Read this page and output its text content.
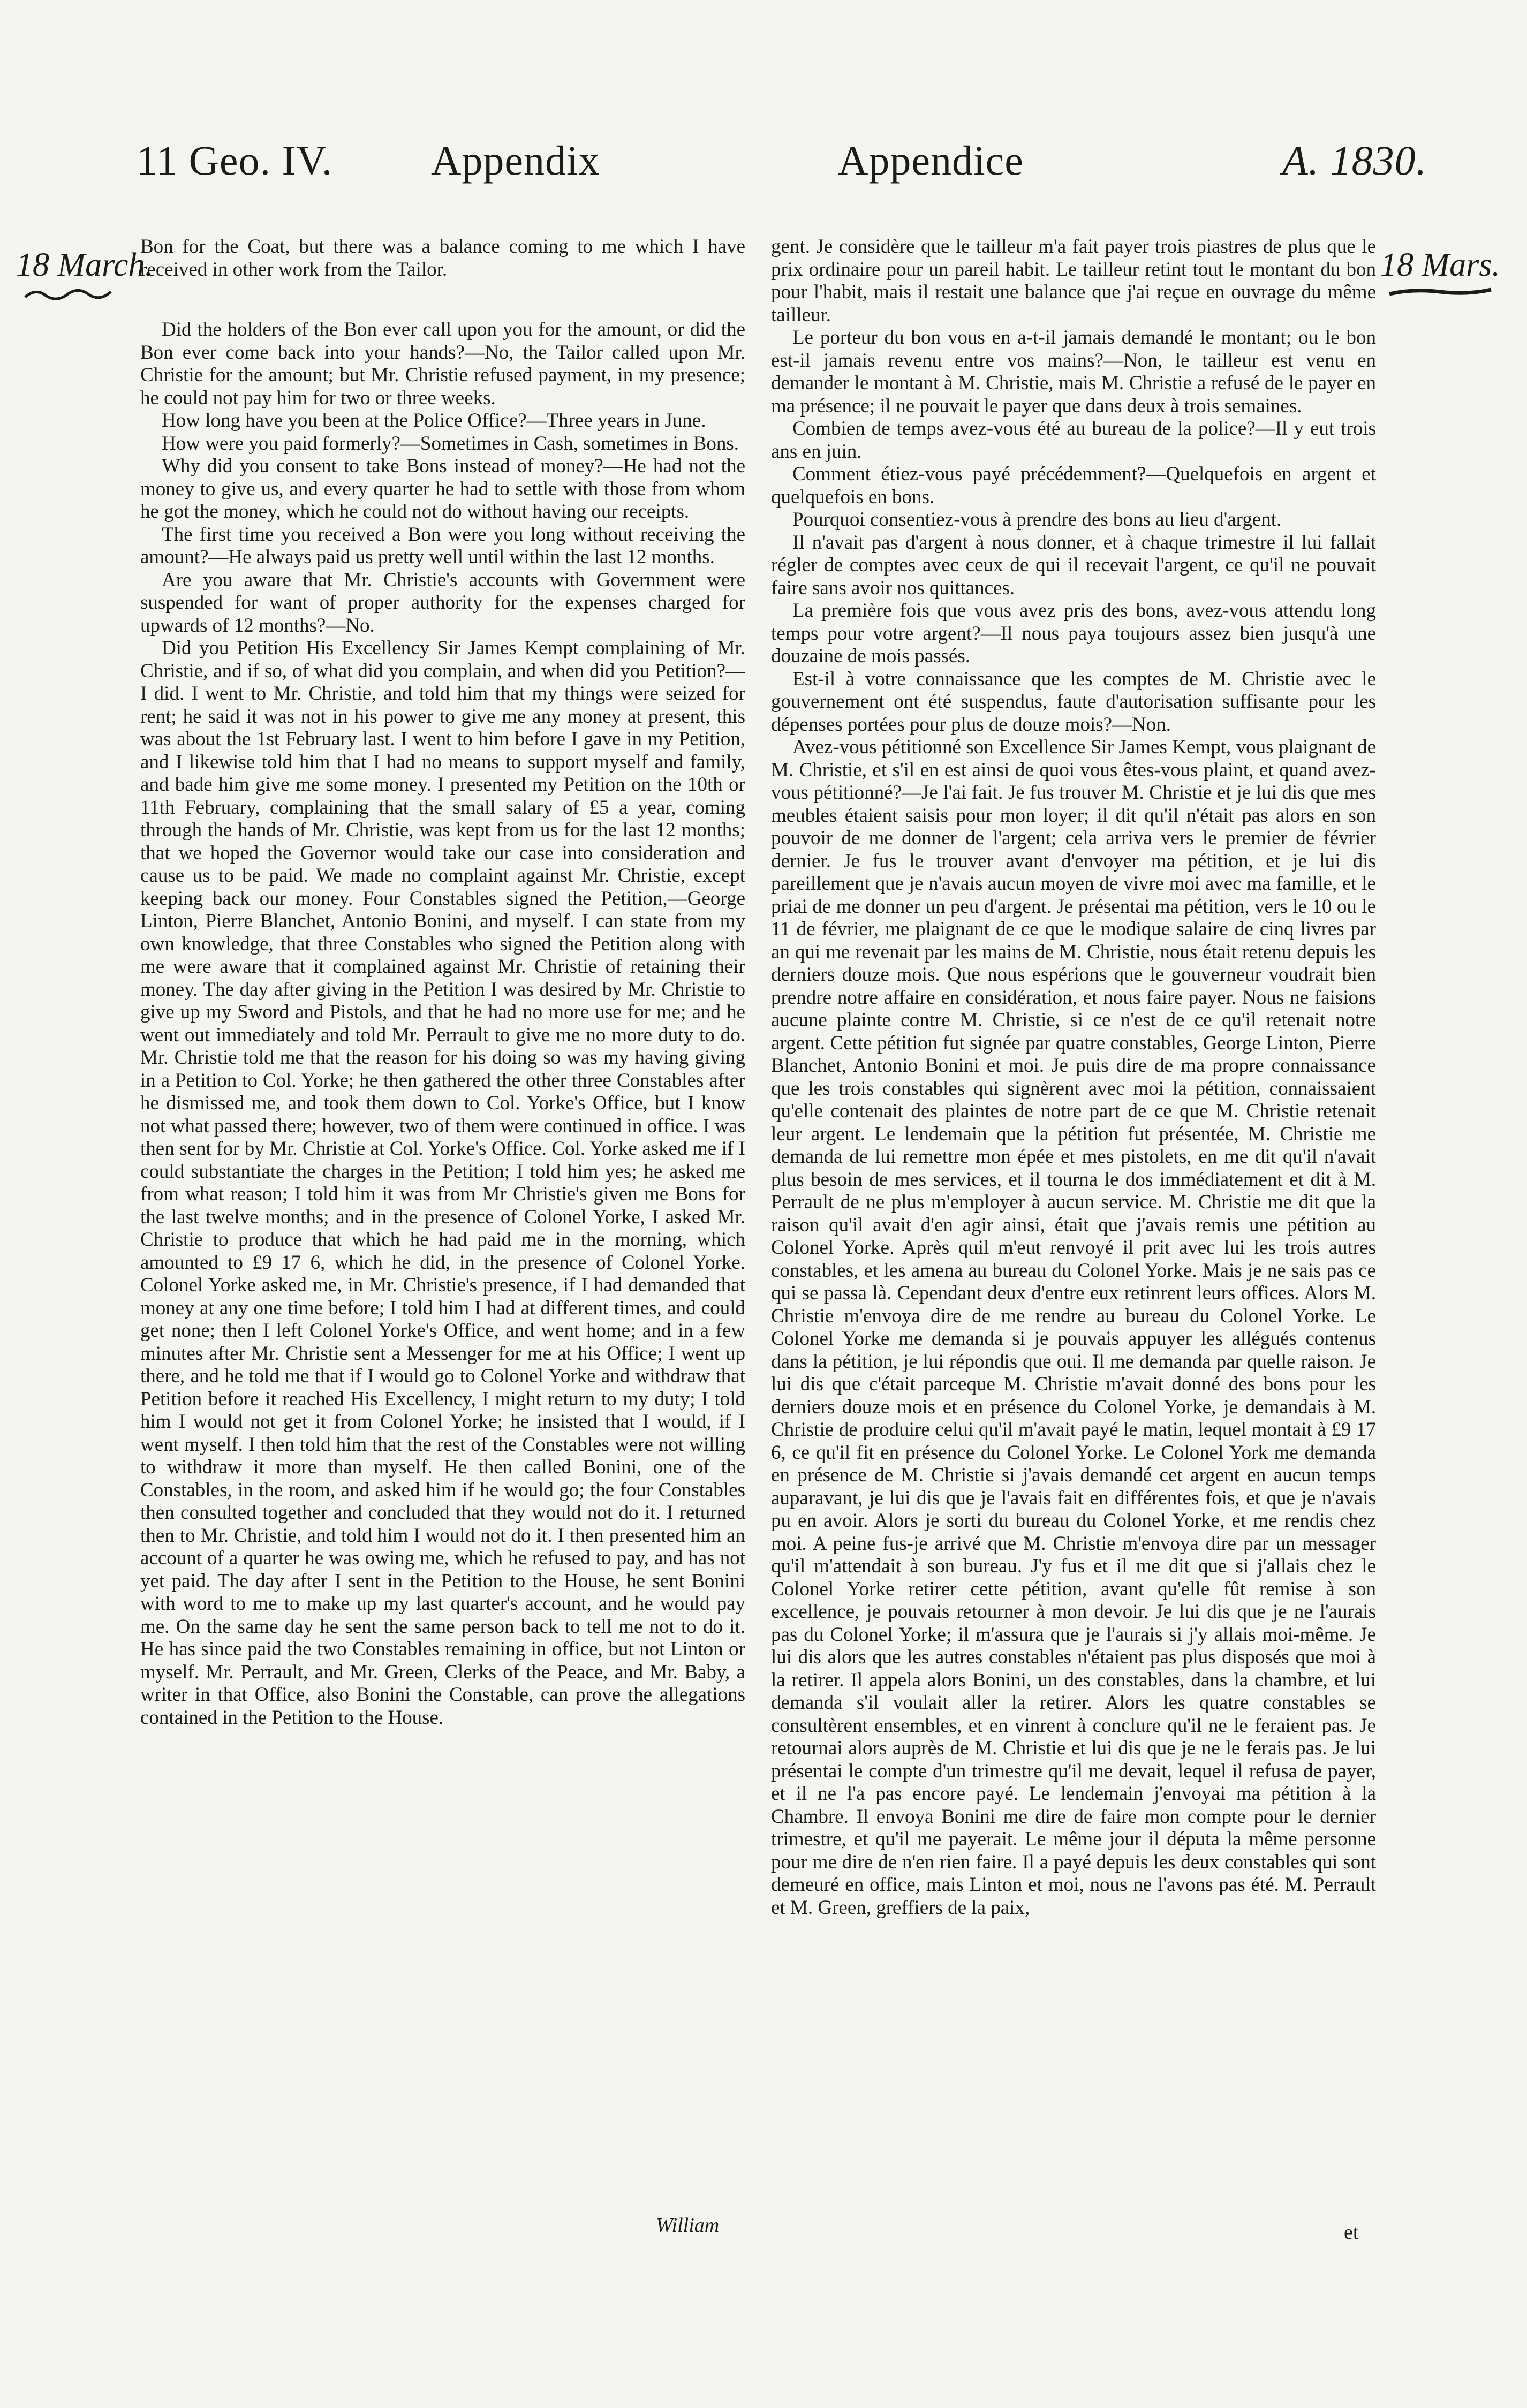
11 Geo. IV. Appendix	Appendice	A. 1830.
18 March.	18 Mars.

Bon for the Coat, but there was a balance coming to me which I have received in other work from the Tailor.

Did the holders of the Bon ever call upon you for the amount, or did the Bon ever come back into your hands?—No, the Tailor called upon Mr. Christie for the amount; but Mr. Christie refused payment, in my presence; he could not pay him for two or three weeks.

How long have you been at the Police Office?—Three years in June.

How were you paid formerly?—Sometimes in Cash, sometimes in Bons.

Why did you consent to take Bons instead of money?—He had not the money to give us, and every quarter he had to settle with those from whom he got the money, which he could not do without having our receipts.

The first time you received a Bon were you long without receiving the amount?—He always paid us pretty well until within the last 12 months.

Are you aware that Mr. Christie's accounts with Government were suspended for want of proper authority for the expenses charged for upwards of 12 months?—No.

Did you Petition His Excellency Sir James Kempt complaining of Mr. Christie, and if so, of what did you complain, and when did you Petition?—I did. I went to Mr. Christie, and told him that my things were seized for rent; he said it was not in his power to give me any money at present, this was about the 1st February last. I went to him before I gave in my Petition, and I likewise told him that I had no means to support myself and family, and bade him give me some money. I presented my Petition on the 10th or 11th February, complaining that the small salary of £5 a year, coming through the hands of Mr. Christie, was kept from us for the last 12 months; that we hoped the Governor would take our case into consideration and cause us to be paid. We made no complaint against Mr. Christie, except keeping back our money. Four Constables signed the Petition,—George Linton, Pierre Blanchet, Antonio Bonini, and myself. I can state from my own knowledge, that three Constables who signed the Petition along with me were aware that it complained against Mr. Christie of retaining their money. The day after giving in the Petition I was desired by Mr. Christie to give up my Sword and Pistols, and that he had no more use for me; and he went out immediately and told Mr. Perrault to give me no more duty to do. Mr. Christie told me that the reason for his doing so was my having giving in a Petition to Col. Yorke; he then gathered the other three Constables after he dismissed me, and took them down to Col. Yorke's Office, but I know not what passed there; however, two of them were continued in office. I was then sent for by Mr. Christie at Col. Yorke's Office. Col. Yorke asked me if I could substantiate the charges in the Petition; I told him yes; he asked me from what reason; I told him it was from Mr Christie's given me Bons for the last twelve months; and in the presence of Colonel Yorke, I asked Mr. Christie to produce that which he had paid me in the morning, which amounted to £9 17 6, which he did, in the presence of Colonel Yorke. Colonel Yorke asked me, in Mr. Christie's presence, if I had demanded that money at any one time before; I told him I had at different times, and could get none; then I left Colonel Yorke's Office, and went home; and in a few minutes after Mr. Christie sent a Messenger for me at his Office; I went up there, and he told me that if I would go to Colonel Yorke and withdraw that Petition before it reached His Excellency, I might return to my duty; I told him I would not get it from Colonel Yorke; he insisted that I would, if I went myself. I then told him that the rest of the Constables were not willing to withdraw it more than myself. He then called Bonini, one of the Constables, in the room, and asked him if he would go; the four Constables then consulted together and concluded that they would not do it. I returned then to Mr. Christie, and told him I would not do it. I then presented him an account of a quarter he was owing me, which he refused to pay, and has not yet paid. The day after I sent in the Petition to the House, he sent Bonini with word to me to make up my last quarter's account, and he would pay me. On the same day he sent the same person back to tell me not to do it. He has since paid the two Constables remaining in office, but not Linton or myself. Mr. Perrault, and Mr. Green, Clerks of the Peace, and Mr. Baby, a writer in that Office, also Bonini the Constable, can prove the allegations contained in the Petition to the House.

William

gent. Je considère que le tailleur m'a fait payer trois piastres de plus que le prix ordinaire pour un pareil habit. Le tailleur retint tout le montant du bon pour l'habit, mais il restait une balance que j'ai reçue en ouvrage du même tailleur.

Le porteur du bon vous en a-t-il jamais demandé le montant; ou le bon est-il jamais revenu entre vos mains?—Non, le tailleur est venu en demander le montant à M. Christie, mais M. Christie a refusé de le payer en ma présence; il ne pouvait le payer que dans deux à trois semaines.

Combien de temps avez-vous été au bureau de la police?—Il y eut trois ans en juin.

Comment étiez-vous payé précédemment?—Quelquefois en argent et quelquefois en bons.

Pourquoi consentiez-vous à prendre des bons au lieu d'argent.

Il n'avait pas d'argent à nous donner, et à chaque trimestre il lui fallait régler de comptes avec ceux de qui il recevait l'argent, ce qu'il ne pouvait faire sans avoir nos quittances.

La première fois que vous avez pris des bons, avez-vous attendu long temps pour votre argent?—Il nous paya toujours assez bien jusqu'à une douzaine de mois passés.

Est-il à votre connaissance que les comptes de M. Christie avec le gouvernement ont été suspendus, faute d'autorisation suffisante pour les dépenses portées pour plus de douze mois?—Non.

Avez-vous pétitionné son Excellence Sir James Kempt, vous plaignant de M. Christie, et s'il en est ainsi de quoi vous êtes-vous plaint, et quand avez-vous pétitionné?—Je l'ai fait. Je fus trouver M. Christie et je lui dis que mes meubles étaient saisis pour mon loyer; il dit qu'il n'était pas alors en son pouvoir de me donner de l'argent; cela arriva vers le premier de février dernier. Je fus le trouver avant d'envoyer ma pétition, et je lui dis pareillement que je n'avais aucun moyen de vivre moi avec ma famille, et le priai de me donner un peu d'argent. Je présentai ma pétition, vers le 10 ou le 11 de février, me plaignant de ce que le modique salaire de cinq livres par an qui me revenait par les mains de M. Christie, nous était retenu depuis les derniers douze mois. Que nous espérions que le gouverneur voudrait bien prendre notre affaire en considération, et nous faire payer. Nous ne faisions aucune plainte contre M. Christie, si ce n'est de ce qu'il retenait notre argent. Cette pétition fut signée par quatre constables, George Linton, Pierre Blanchet, Antonio Bonini et moi. Je puis dire de ma propre connaissance que les trois constables qui signèrent avec moi la pétition, connaissaient qu'elle contenait des plaintes de notre part de ce que M. Christie retenait leur argent. Le lendemain que la pétition fut présentée, M. Christie me demanda de lui remettre mon épée et mes pistolets, en me dit qu'il n'avait plus besoin de mes services, et il tourna le dos immédiatement et dit à M. Perrault de ne plus m'employer à aucun service. M. Christie me dit que la raison qu'il avait d'en agir ainsi, était que j'avais remis une pétition au Colonel Yorke. Après quil m'eut renvoyé il prit avec lui les trois autres constables, et les amena au bureau du Colonel Yorke. Mais je ne sais pas ce qui se passa là. Cependant deux d'entre eux retinrent leurs offices. Alors M. Christie m'envoya dire de me rendre au bureau du Colonel Yorke. Le Colonel Yorke me demanda si je pouvais appuyer les allégués contenus dans la pétition, je lui répondis que oui. Il me demanda par quelle raison. Je lui dis que c'était parceque M. Christie m'avait donné des bons pour les derniers douze mois et en présence du Colonel Yorke, je demandais à M. Christie de produire celui qu'il m'avait payé le matin, lequel montait à £9 17 6, ce qu'il fit en présence du Colonel Yorke. Le Colonel York me demanda en présence de M. Christie si j'avais demandé cet argent en aucun temps auparavant, je lui dis que je l'avais fait en différentes fois, et que je n'avais pu en avoir. Alors je sorti du bureau du Colonel Yorke, et me rendis chez moi. A peine fus-je arrivé que M. Christie m'envoya dire par un messager qu'il m'attendait à son bureau. J'y fus et il me dit que si j'allais chez le Colonel Yorke retirer cette pétition, avant qu'elle fût remise à son excellence, je pouvais retourner à mon devoir. Je lui dis que je ne l'aurais pas du Colonel Yorke; il m'assura que je l'aurais si j'y allais moi-même. Je lui dis alors que les autres constables n'étaient pas plus disposés que moi à la retirer. Il appela alors Bonini, un des constables, dans la chambre, et lui demanda s'il voulait aller la retirer. Alors les quatre constables se consultèrent ensembles, et en vinrent à conclure qu'il ne le feraient pas. Je retournai alors auprès de M. Christie et lui dis que je ne le ferais pas. Je lui présentai le compte d'un trimestre qu'il me devait, lequel il refusa de payer, et il ne l'a pas encore payé. Le lendemain j'envoyai ma pétition à la Chambre. Il envoya Bonini me dire de faire mon compte pour le dernier trimestre, et qu'il me payerait. Le même jour il députa la même personne pour me dire de n'en rien faire. Il a payé depuis les deux constables qui sont demeuré en office, mais Linton et moi, nous ne l'avons pas été. M. Perrault et M. Green, greffiers de la paix,

et
